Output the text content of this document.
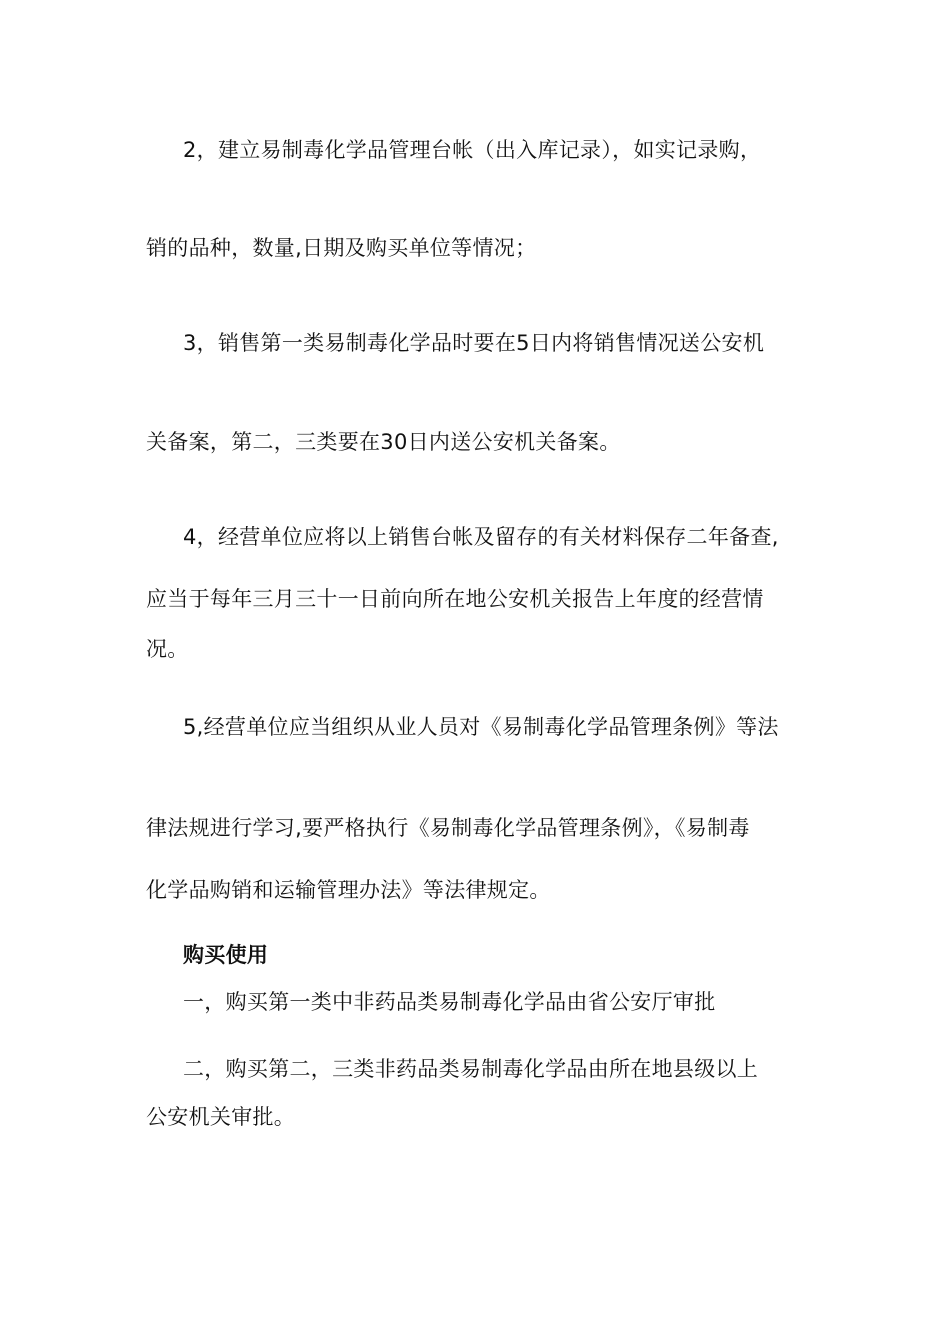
2，建立易制毒化学品管理台帐（出入库记录），如实记录购，
销的品种，数量,日期及购买单位等情况；
3，销售第一类易制毒化学品时要在5日内将销售情况送公安机
关备案，第二，三类要在30日内送公安机关备案。
4，经营单位应将以上销售台帐及留存的有关材料保存二年备查,
应当于每年三月三十一日前向所在地公安机关报告上年度的经营情
况。
5,经营单位应当组织从业人员对《易制毒化学品管理条例》等法
律法规进行学习,要严格执行《易制毒化学品管理条例》，《易制毒
化学品购销和运输管理办法》等法律规定。
购买使用
一，购买第一类中非药品类易制毒化学品由省公安厅审批
二，购买第二，三类非药品类易制毒化学品由所在地县级以上
公安机关审批。
